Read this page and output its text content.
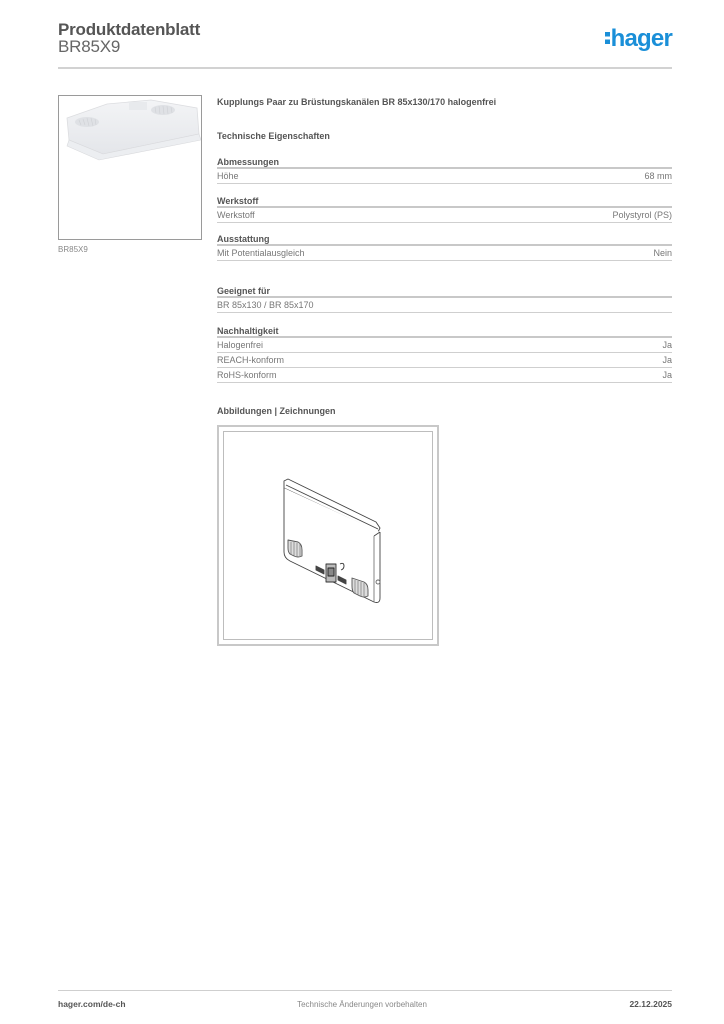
Produktdatenblatt
BR85X9	hager
BR85X9
Kupplungs Paar zu Brüstungskanälen BR 85x130/170 halogenfrei
Technische Eigenschaften
Abmessungen
Höhe	68 mm
Werkstoff
Werkstoff	Polystyrol (PS)
Ausstattung
Mit Potentialausgleich	Nein
Geeignet für
BR 85x130 / BR 85x170
Nachhaltigkeit
Halogenfrei	Ja
REACH-konform	Ja
RoHS-konform	Ja
Abbildungen | Zeichnungen
hager.com/de-ch	Technische Änderungen vorbehalten	22.12.2025
